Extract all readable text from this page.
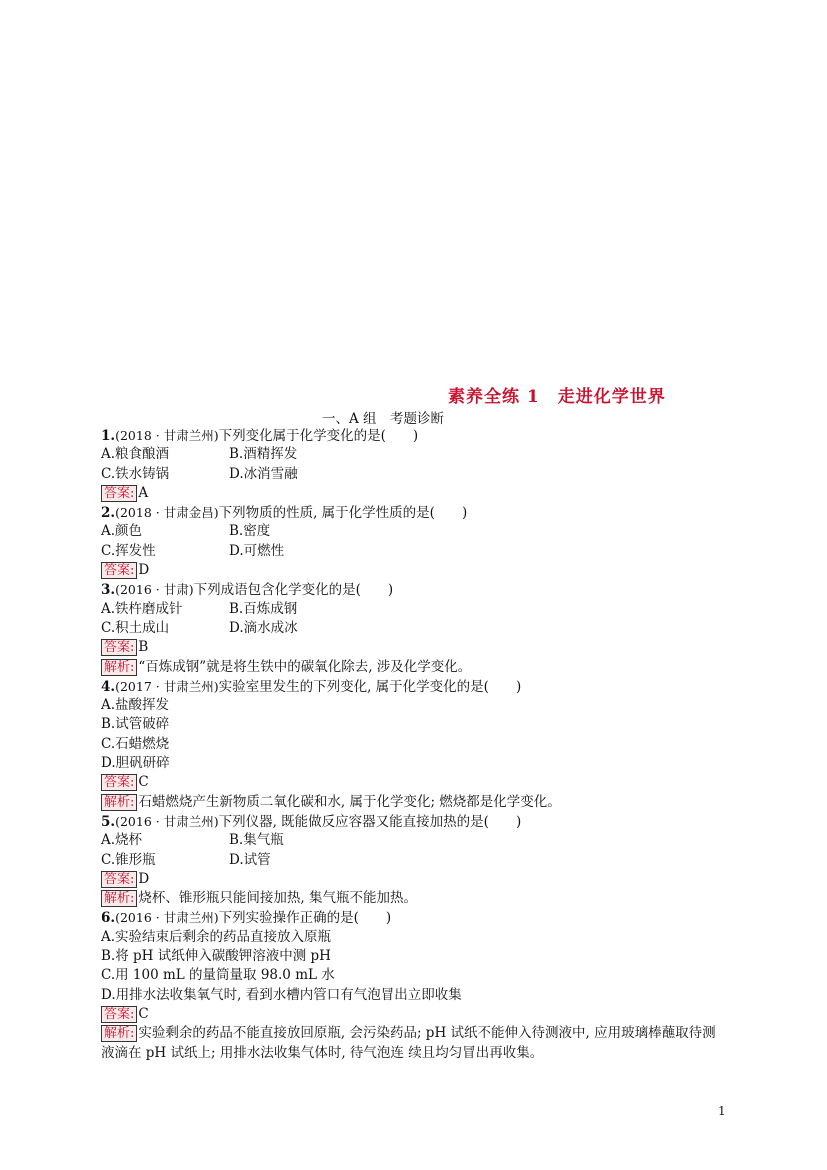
素养全练 1　走进化学世界
一、A 组　考题诊断
1.(2018 · 甘肃兰州)下列变化属于化学变化的是(　　)
A.粮食酿酒	B.酒精挥发
C.铁水铸锅	D.冰消雪融
答案: A
2.(2018 · 甘肃金昌)下列物质的性质, 属于化学性质的是(　　)
A.颜色	B.密度
C.挥发性	D.可燃性
答案: D
3.(2016 · 甘肃)下列成语包含化学变化的是(　　)
A.铁杵磨成针	B.百炼成钢
C.积土成山	D.滴水成冰
答案: B
解析: “百炼成钢”就是将生铁中的碳氧化除去, 涉及化学变化。
4.(2017 · 甘肃兰州)实验室里发生的下列变化, 属于化学变化的是(　　)
A.盐酸挥发
B.试管破碎
C.石蜡燃烧
D.胆矾研碎
答案: C
解析: 石蜡燃烧产生新物质二氧化碳和水, 属于化学变化; 燃烧都是化学变化。
5.(2016 · 甘肃兰州)下列仪器, 既能做反应容器又能直接加热的是(　　)
A.烧杯	B.集气瓶
C.锥形瓶	D.试管
答案: D
解析: 烧杯、锥形瓶只能间接加热, 集气瓶不能加热。
6.(2016 · 甘肃兰州)下列实验操作正确的是(　　)
A.实验结束后剩余的药品直接放入原瓶
B.将 pH 试纸伸入碳酸钾溶液中测 pH
C.用 100 mL 的量筒量取 98.0 mL 水
D.用排水法收集氧气时, 看到水槽内管口有气泡冒出立即收集
答案: C
解析: 实验剩余的药品不能直接放回原瓶, 会污染药品; pH 试纸不能伸入待测液中, 应用玻璃棒蘸取待测液滴在 pH 试纸上; 用排水法收集气体时, 待气泡连 续且均匀冒出再收集。
1
